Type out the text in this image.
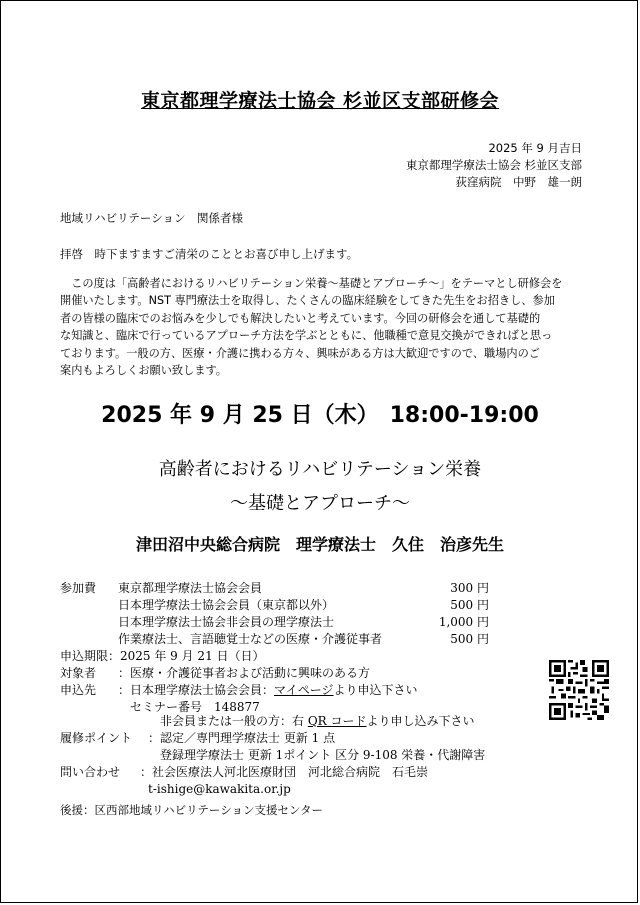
東京都理学療法士協会 杉並区支部研修会
2025 年 9 月吉日
東京都理学療法士協会 杉並区支部
荻窪病院　中野　雄一朗
地域リハビリテーション　関係者様
拝啓　時下ますますご清栄のこととお喜び申し上げます。

　この度は「高齢者におけるリハビリテーション栄養～基礎とアプローチ～」をテーマとし研修会を

開催いたします。NST 専門療法士を取得し、たくさんの臨床経験をしてきた先生をお招きし、参加

者の皆様の臨床でのお悩みを少しでも解決したいと考えています。今回の研修会を通して基礎的

な知識と、臨床で行っているアプローチ方法を学ぶとともに、他職種で意見交換ができればと思っ

ております。一般の方、医療・介護に携わる方々、興味がある方は大歓迎ですので、職場内のご

案内もよろしくお願い致します。

2025 年 9 月 25 日（木）　18:00-19:00
高齢者におけるリハビリテーション栄養
～基礎とアプローチ～
津田沼中央総合病院　理学療法士　久住　治彦先生
参加費 東京都理学療法士協会会員	300 円
日本理学療法士協会会員（東京都以外）	500 円
日本理学療法士協会非会員の理学療法士	1,000 円
作業療法士、言語聴覚士などの医療・介護従事者	500 円
申込期限：2025 年 9 月 21 日（日）
対象者 ：医療・介護従事者および活動に興味のある方
申込先 ：日本理学療法士協会会員：マイページより申込下さい
セミナー番号　148877
非会員または一般の方：右 QR コードより申し込み下さい
履修ポイント ：認定／専門理学療法士 更新 1 点
登録理学療法士 更新 1ポイント 区分 9-108 栄養・代謝障害
問い合わせ ：社会医療法人河北医療財団　河北総合病院　石毛崇
t-ishige@kawakita.or.jp
後援：区西部地域リハビリテーション支援センター
